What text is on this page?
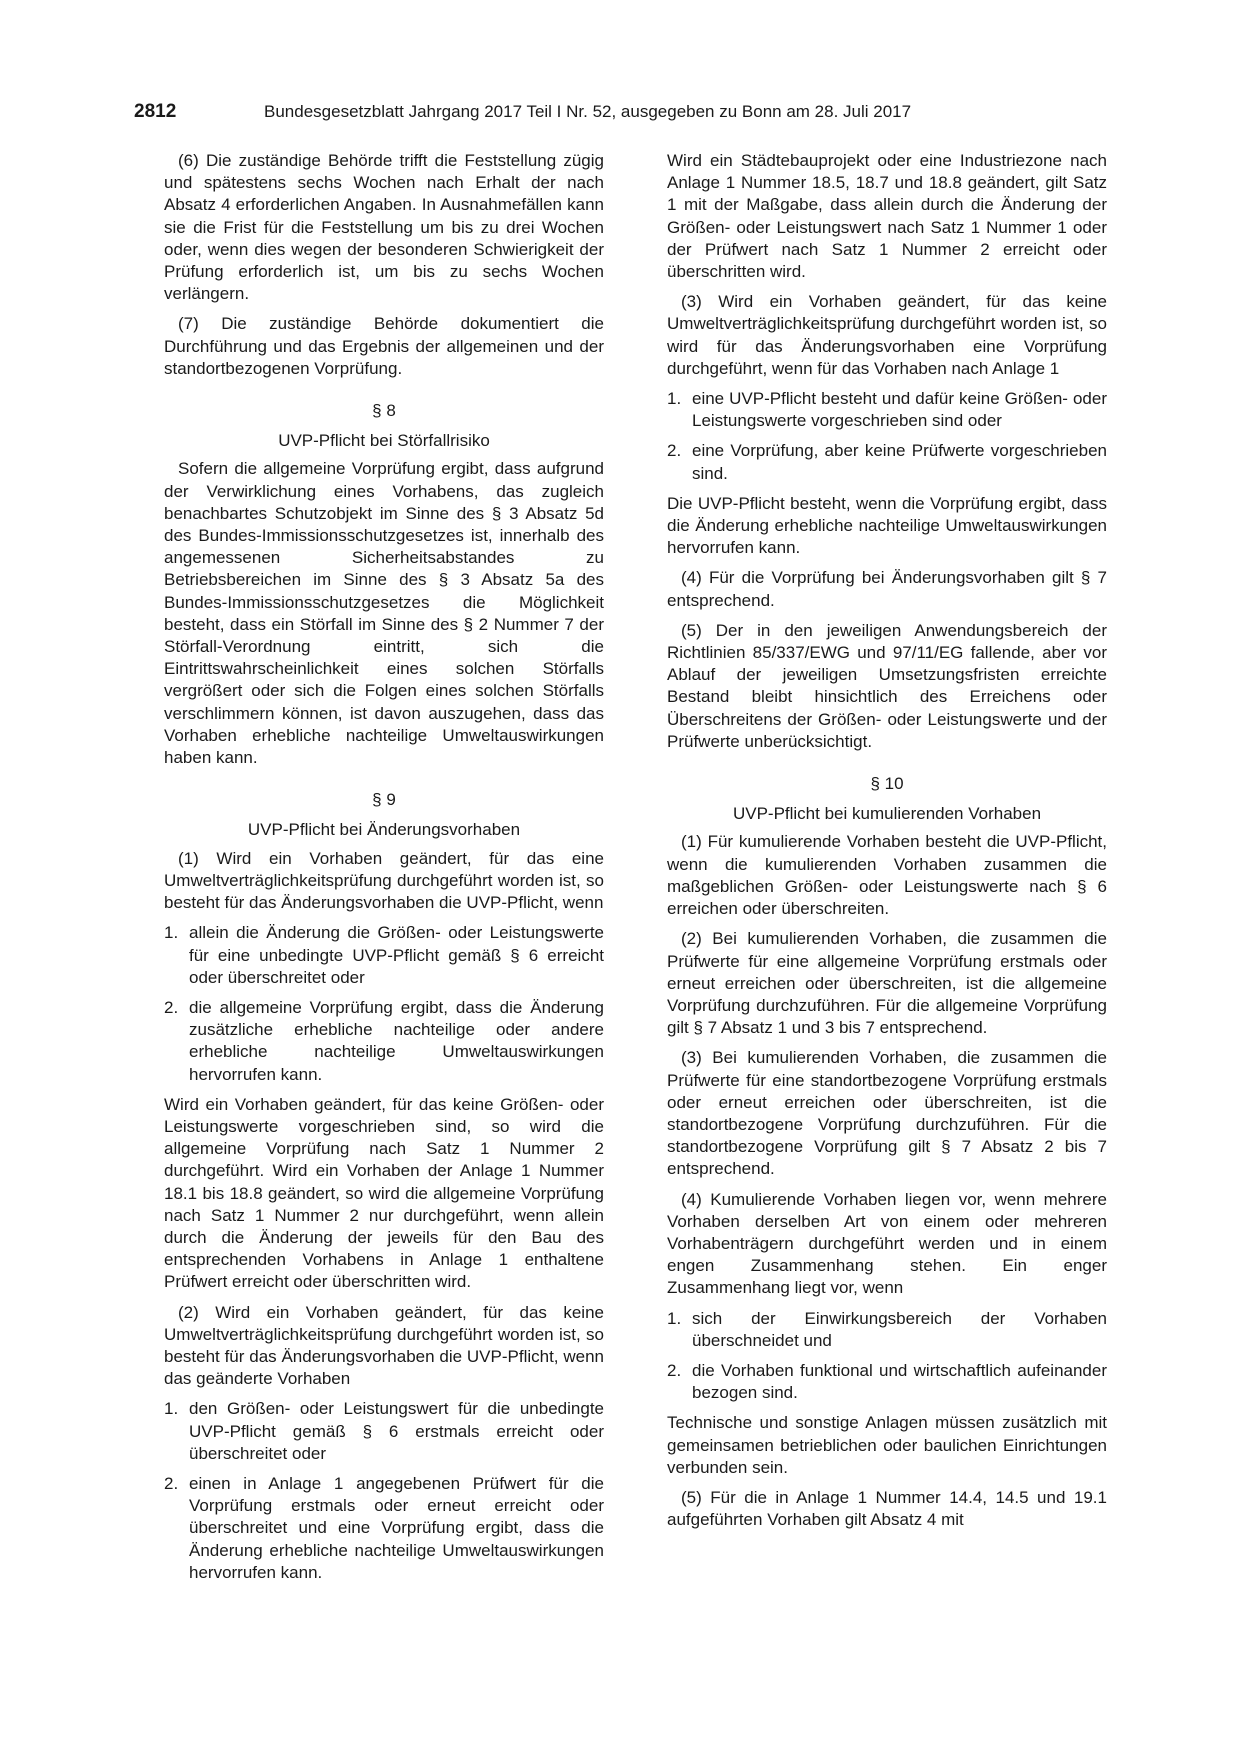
2812	Bundesgesetzblatt Jahrgang 2017 Teil I Nr. 52, ausgegeben zu Bonn am 28. Juli 2017

(6) Die zuständige Behörde trifft die Feststellung zügig und spätestens sechs Wochen nach Erhalt der nach Absatz 4 erforderlichen Angaben. In Ausnahmefällen kann sie die Frist für die Feststellung um bis zu drei Wochen oder, wenn dies wegen der besonderen Schwierigkeit der Prüfung erforderlich ist, um bis zu sechs Wochen verlängern.

(7) Die zuständige Behörde dokumentiert die Durchführung und das Ergebnis der allgemeinen und der standortbezogenen Vorprüfung.

§ 8
UVP-Pflicht bei Störfallrisiko

Sofern die allgemeine Vorprüfung ergibt, dass aufgrund der Verwirklichung eines Vorhabens, das zugleich benachbartes Schutzobjekt im Sinne des § 3 Absatz 5d des Bundes-Immissionsschutzgesetzes ist, innerhalb des angemessenen Sicherheitsabstandes zu Betriebsbereichen im Sinne des § 3 Absatz 5a des Bundes-Immissionsschutzgesetzes die Möglichkeit besteht, dass ein Störfall im Sinne des § 2 Nummer 7 der Störfall-Verordnung eintritt, sich die Eintrittswahrscheinlichkeit eines solchen Störfalls vergrößert oder sich die Folgen eines solchen Störfalls verschlimmern können, ist davon auszugehen, dass das Vorhaben erhebliche nachteilige Umweltauswirkungen haben kann.

§ 9
UVP-Pflicht bei Änderungsvorhaben

(1) Wird ein Vorhaben geändert, für das eine Umweltverträglichkeitsprüfung durchgeführt worden ist, so besteht für das Änderungsvorhaben die UVP-Pflicht, wenn

1. allein die Änderung die Größen- oder Leistungswerte für eine unbedingte UVP-Pflicht gemäß § 6 erreicht oder überschreitet oder
2. die allgemeine Vorprüfung ergibt, dass die Änderung zusätzliche erhebliche nachteilige oder andere erhebliche nachteilige Umweltauswirkungen hervorrufen kann.

Wird ein Vorhaben geändert, für das keine Größen- oder Leistungswerte vorgeschrieben sind, so wird die allgemeine Vorprüfung nach Satz 1 Nummer 2 durchgeführt. Wird ein Vorhaben der Anlage 1 Nummer 18.1 bis 18.8 geändert, so wird die allgemeine Vorprüfung nach Satz 1 Nummer 2 nur durchgeführt, wenn allein durch die Änderung der jeweils für den Bau des entsprechenden Vorhabens in Anlage 1 enthaltene Prüfwert erreicht oder überschritten wird.

(2) Wird ein Vorhaben geändert, für das keine Umweltverträglichkeitsprüfung durchgeführt worden ist, so besteht für das Änderungsvorhaben die UVP-Pflicht, wenn das geänderte Vorhaben

1. den Größen- oder Leistungswert für die unbedingte UVP-Pflicht gemäß § 6 erstmals erreicht oder überschreitet oder
2. einen in Anlage 1 angegebenen Prüfwert für die Vorprüfung erstmals oder erneut erreicht oder überschreitet und eine Vorprüfung ergibt, dass die Änderung erhebliche nachteilige Umweltauswirkungen hervorrufen kann.

Wird ein Städtebauprojekt oder eine Industriezone nach Anlage 1 Nummer 18.5, 18.7 und 18.8 geändert, gilt Satz 1 mit der Maßgabe, dass allein durch die Änderung der Größen- oder Leistungswert nach Satz 1 Nummer 1 oder der Prüfwert nach Satz 1 Nummer 2 erreicht oder überschritten wird.

(3) Wird ein Vorhaben geändert, für das keine Umweltverträglichkeitsprüfung durchgeführt worden ist, so wird für das Änderungsvorhaben eine Vorprüfung durchgeführt, wenn für das Vorhaben nach Anlage 1

1. eine UVP-Pflicht besteht und dafür keine Größen- oder Leistungswerte vorgeschrieben sind oder
2. eine Vorprüfung, aber keine Prüfwerte vorgeschrieben sind.

Die UVP-Pflicht besteht, wenn die Vorprüfung ergibt, dass die Änderung erhebliche nachteilige Umweltauswirkungen hervorrufen kann.

(4) Für die Vorprüfung bei Änderungsvorhaben gilt § 7 entsprechend.

(5) Der in den jeweiligen Anwendungsbereich der Richtlinien 85/337/EWG und 97/11/EG fallende, aber vor Ablauf der jeweiligen Umsetzungsfristen erreichte Bestand bleibt hinsichtlich des Erreichens oder Überschreitens der Größen- oder Leistungswerte und der Prüfwerte unberücksichtigt.

§ 10
UVP-Pflicht bei kumulierenden Vorhaben

(1) Für kumulierende Vorhaben besteht die UVP-Pflicht, wenn die kumulierenden Vorhaben zusammen die maßgeblichen Größen- oder Leistungswerte nach § 6 erreichen oder überschreiten.

(2) Bei kumulierenden Vorhaben, die zusammen die Prüfwerte für eine allgemeine Vorprüfung erstmals oder erneut erreichen oder überschreiten, ist die allgemeine Vorprüfung durchzuführen. Für die allgemeine Vorprüfung gilt § 7 Absatz 1 und 3 bis 7 entsprechend.

(3) Bei kumulierenden Vorhaben, die zusammen die Prüfwerte für eine standortbezogene Vorprüfung erstmals oder erneut erreichen oder überschreiten, ist die standortbezogene Vorprüfung durchzuführen. Für die standortbezogene Vorprüfung gilt § 7 Absatz 2 bis 7 entsprechend.

(4) Kumulierende Vorhaben liegen vor, wenn mehrere Vorhaben derselben Art von einem oder mehreren Vorhabenträgern durchgeführt werden und in einem engen Zusammenhang stehen. Ein enger Zusammenhang liegt vor, wenn

1. sich der Einwirkungsbereich der Vorhaben überschneidet und
2. die Vorhaben funktional und wirtschaftlich aufeinander bezogen sind.

Technische und sonstige Anlagen müssen zusätzlich mit gemeinsamen betrieblichen oder baulichen Einrichtungen verbunden sein.

(5) Für die in Anlage 1 Nummer 14.4, 14.5 und 19.1 aufgeführten Vorhaben gilt Absatz 4 mit
